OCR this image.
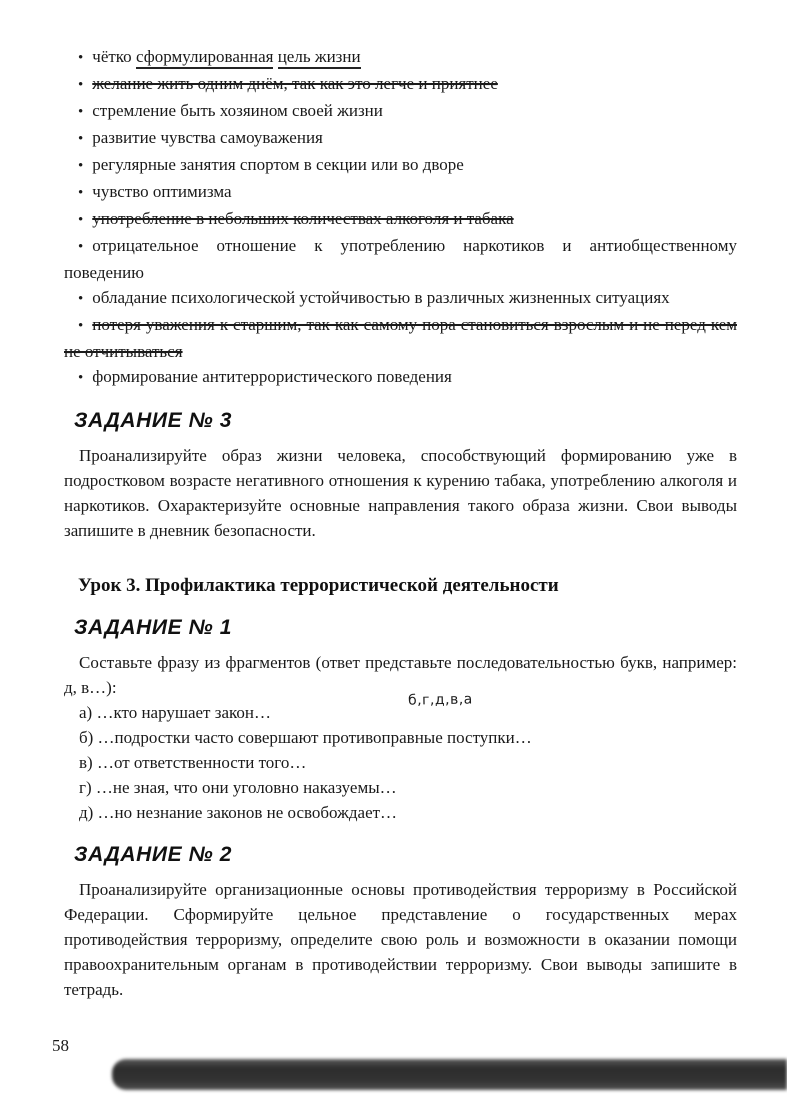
• чётко сформулированная цель жизни

• желание жить одним днём, так как это легче и приятнее

• стремление быть хозяином своей жизни

• развитие чувства самоуважения

• регулярные занятия спортом в секции или во дворе

• чувство оптимизма

• употребление в небольших количествах алкоголя и табака

• отрицательное отношение к употреблению наркотиков и антиобщественному поведению

• обладание психологической устойчивостью в различных жизненных ситуациях

• потеря уважения к старшим, так как самому пора становиться взрослым и не перед кем не отчитываться

• формирование антитеррористического поведения

ЗАДАНИЕ № 3

Проанализируйте образ жизни человека, способствующий формированию уже в подростковом возрасте негативного отношения к курению табака, употреблению алкоголя и наркотиков. Охарактеризуйте основные направления такого образа жизни. Свои выводы запишите в дневник безопасности.

Урок 3. Профилактика террористической деятельности
ЗАДАНИЕ № 1

Составьте фразу из фрагментов (ответ представьте последовательностью букв, например: д, в…):

б,г,д,в,а

а) …кто нарушает закон…

б) …подростки часто совершают противоправные поступки…

в) …от ответственности того…

г) …не зная, что они уголовно наказуемы…

д) …но незнание законов не освобождает…

ЗАДАНИЕ № 2

Проанализируйте организационные основы противодействия терроризму в Российской Федерации. Сформируйте цельное представление о государственных мерах противодействия терроризму, определите свою роль и возможности в оказании помощи правоохранительным органам в противодействии терроризму. Свои выводы запишите в тетрадь.

58
